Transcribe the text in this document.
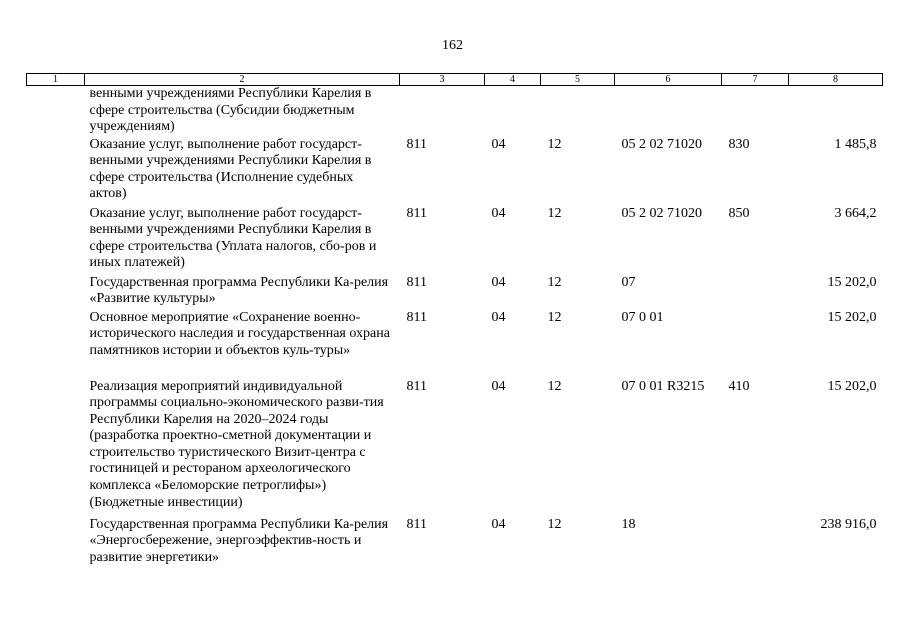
162
1	2	3	4	5	6	7	8
	венными учреждениями Республики Карелия в сфере строительства (Субсидии бюджетным учреждениям)						
	Оказание услуг, выполнение работ государст-венными учреждениями Республики Карелия в сфере строительства (Исполнение судебных актов)	811	04	12	05 2 02 71020	830	1 485,8
	Оказание услуг, выполнение работ государст-венными учреждениями Республики Карелия в сфере строительства (Уплата налогов, сбо-ров и иных платежей)	811	04	12	05 2 02 71020	850	3 664,2
	Государственная программа Республики Ка-релия «Развитие культуры»	811	04	12	07		15 202,0
	Основное мероприятие «Сохранение военно-исторического наследия и государственная охрана памятников истории и объектов куль-туры»	811	04	12	07 0 01		15 202,0
	Реализация мероприятий индивидуальной программы социально-экономического разви-тия Республики Карелия на 2020–2024 годы (разработка проектно-сметной документации и строительство туристического Визит-центра с гостиницей и рестораном археологического комплекса «Беломорские петроглифы») (Бюджетные инвестиции)	811	04	12	07 0 01 R3215	410	15 202,0
	Государственная программа Республики Ка-релия «Энергосбережение, энергоэффектив-ность и развитие энергетики»	811	04	12	18		238 916,0
